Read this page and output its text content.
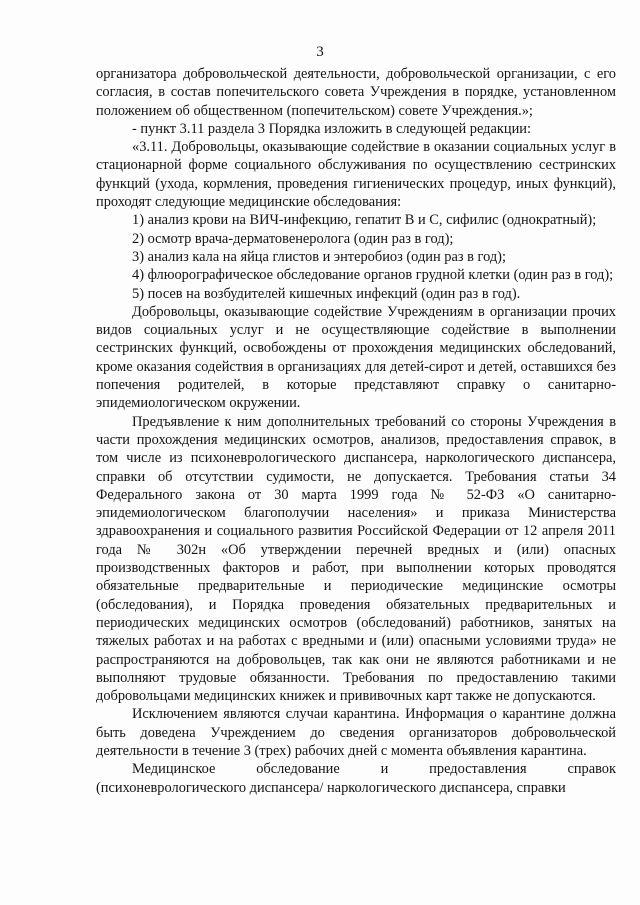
3

организатора добровольческой деятельности, добровольческой организации, с его согласия, в состав попечительского совета Учреждения в порядке, установленном положением об общественном (попечительском) совете Учреждения.»;

- пункт 3.11 раздела 3 Порядка изложить в следующей редакции:

«3.11. Добровольцы, оказывающие содействие в оказании социальных услуг в стационарной форме социального обслуживания по осуществлению сестринских функций (ухода, кормления, проведения гигиенических процедур, иных функций), проходят следующие медицинские обследования:

1) анализ крови на ВИЧ-инфекцию, гепатит В и С, сифилис (однократный);

2) осмотр врача-дерматовенеролога (один раз в год);

3) анализ кала на яйца глистов и энтеробиоз (один раз в год);

4) флюорографическое обследование органов грудной клетки (один раз в год);

5) посев на возбудителей кишечных инфекций (один раз в год).

Добровольцы, оказывающие содействие Учреждениям в организации прочих видов социальных услуг и не осуществляющие содействие в выполнении сестринских функций, освобождены от прохождения медицинских обследований, кроме оказания содействия в организациях для детей-сирот и детей, оставшихся без попечения родителей, в которые представляют справку о санитарно-эпидемиологическом окружении.

Предъявление к ним дополнительных требований со стороны Учреждения в части прохождения медицинских осмотров, анализов, предоставления справок, в том числе из психоневрологического диспансера, наркологического диспансера, справки об отсутствии судимости, не допускается. Требования статьи 34 Федерального закона от 30 марта 1999 года № 52-ФЗ «О санитарно-эпидемиологическом благополучии населения» и приказа Министерства здравоохранения и социального развития Российской Федерации от 12 апреля 2011 года № 302н «Об утверждении перечней вредных и (или) опасных производственных факторов и работ, при выполнении которых проводятся обязательные предварительные и периодические медицинские осмотры (обследования), и Порядка проведения обязательных предварительных и периодических медицинских осмотров (обследований) работников, занятых на тяжелых работах и на работах с вредными и (или) опасными условиями труда» не распространяются на добровольцев, так как они не являются работниками и не выполняют трудовые обязанности. Требования по предоставлению такими добровольцами медицинских книжек и прививочных карт также не допускаются.

Исключением являются случаи карантина. Информация о карантине должна быть доведена Учреждением до сведения организаторов добровольческой деятельности в течение 3 (трех) рабочих дней с момента объявления карантина.

Медицинское обследование и предоставления справок (психоневрологического диспансера/ наркологического диспансера, справки
